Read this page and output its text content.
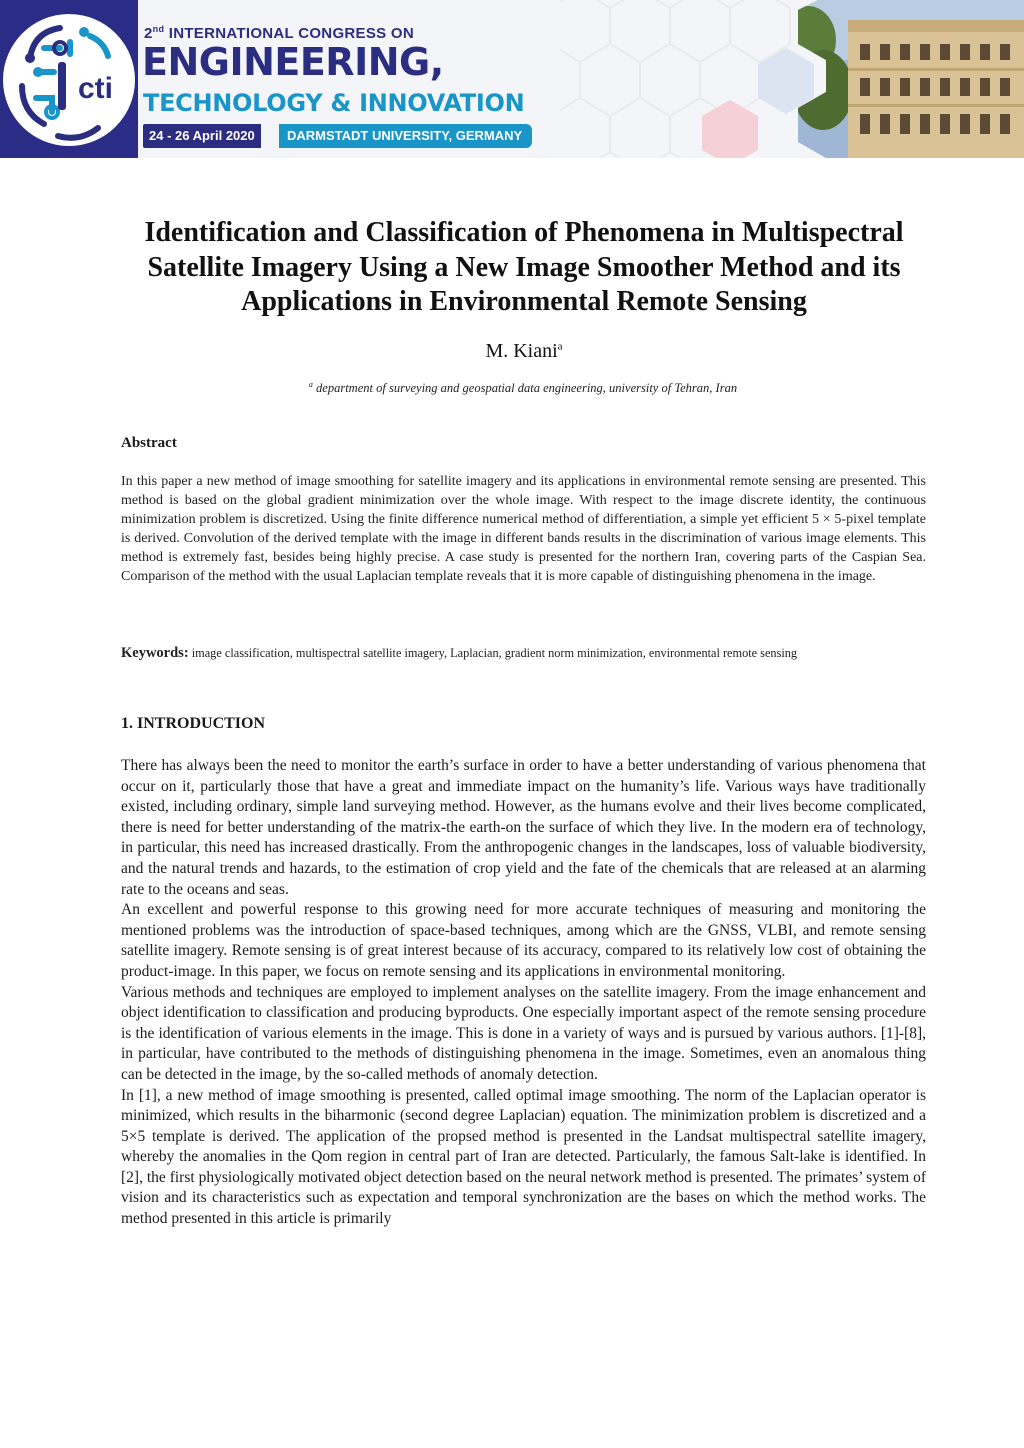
cti
2nd INTERNATIONAL CONGRESS ON
ENGINEERING,
TECHNOLOGY & INNOVATION
24 - 26 April 2020	DARMSTADT UNIVERSITY, GERMANY
Identification and Classification of Phenomena in Multispectral Satellite Imagery Using a New Image Smoother Method and its Applications in Environmental Remote Sensing
M. Kiani$^a$
$^a$ department of surveying and geospatial data engineering, university of Tehran, Iran
Abstract
In this paper a new method of image smoothing for satellite imagery and its applications in environmental remote sensing are presented. This method is based on the global gradient minimization over the whole image. With respect to the image discrete identity, the continuous minimization problem is discretized. Using the finite difference numerical method of differentiation, a simple yet efficient 5 × 5-pixel template is derived. Convolution of the derived template with the image in different bands results in the discrimination of various image elements. This method is extremely fast, besides being highly precise. A case study is presented for the northern Iran, covering parts of the Caspian Sea. Comparison of the method with the usual Laplacian template reveals that it is more capable of distinguishing phenomena in the image.
Keywords: image classification, multispectral satellite imagery, Laplacian, gradient norm minimization, environmental remote sensing
1. INTRODUCTION

There has always been the need to monitor the earth’s surface in order to have a better understanding of various phenomena that occur on it, particularly those that have a great and immediate impact on the humanity’s life. Various ways have traditionally existed, including ordinary, simple land surveying method. However, as the humans evolve and their lives become complicated, there is need for better understanding of the matrix-the earth-on the surface of which they live. In the modern era of technology, in particular, this need has increased drastically. From the anthropogenic changes in the landscapes, loss of valuable biodiversity, and the natural trends and hazards, to the estimation of crop yield and the fate of the chemicals that are released at an alarming rate to the oceans and seas.

An excellent and powerful response to this growing need for more accurate techniques of measuring and monitoring the mentioned problems was the introduction of space-based techniques, among which are the GNSS, VLBI, and remote sensing satellite imagery. Remote sensing is of great interest because of its accuracy, compared to its relatively low cost of obtaining the product-image. In this paper, we focus on remote sensing and its applications in environmental monitoring.

Various methods and techniques are employed to implement analyses on the satellite imagery. From the image enhancement and object identification to classification and producing byproducts. One especially important aspect of the remote sensing procedure is the identification of various elements in the image. This is done in a variety of ways and is pursued by various authors. [1]-[8], in particular, have contributed to the methods of distinguishing phenomena in the image. Sometimes, even an anomalous thing can be detected in the image, by the so-called methods of anomaly detection.

In [1], a new method of image smoothing is presented, called optimal image smoothing. The norm of the Laplacian operator is minimized, which results in the biharmonic (second degree Laplacian) equation. The minimization problem is discretized and a 5×5 template is derived. The application of the propsed method is presented in the Landsat multispectral satellite imagery, whereby the anomalies in the Qom region in central part of Iran are detected. Particularly, the famous Salt-lake is identified. In [2], the first physiologically motivated object detection based on the neural network method is presented. The primates’ system of vision and its characteristics such as expectation and temporal synchronization are the bases on which the method works. The method presented in this article is primarily
